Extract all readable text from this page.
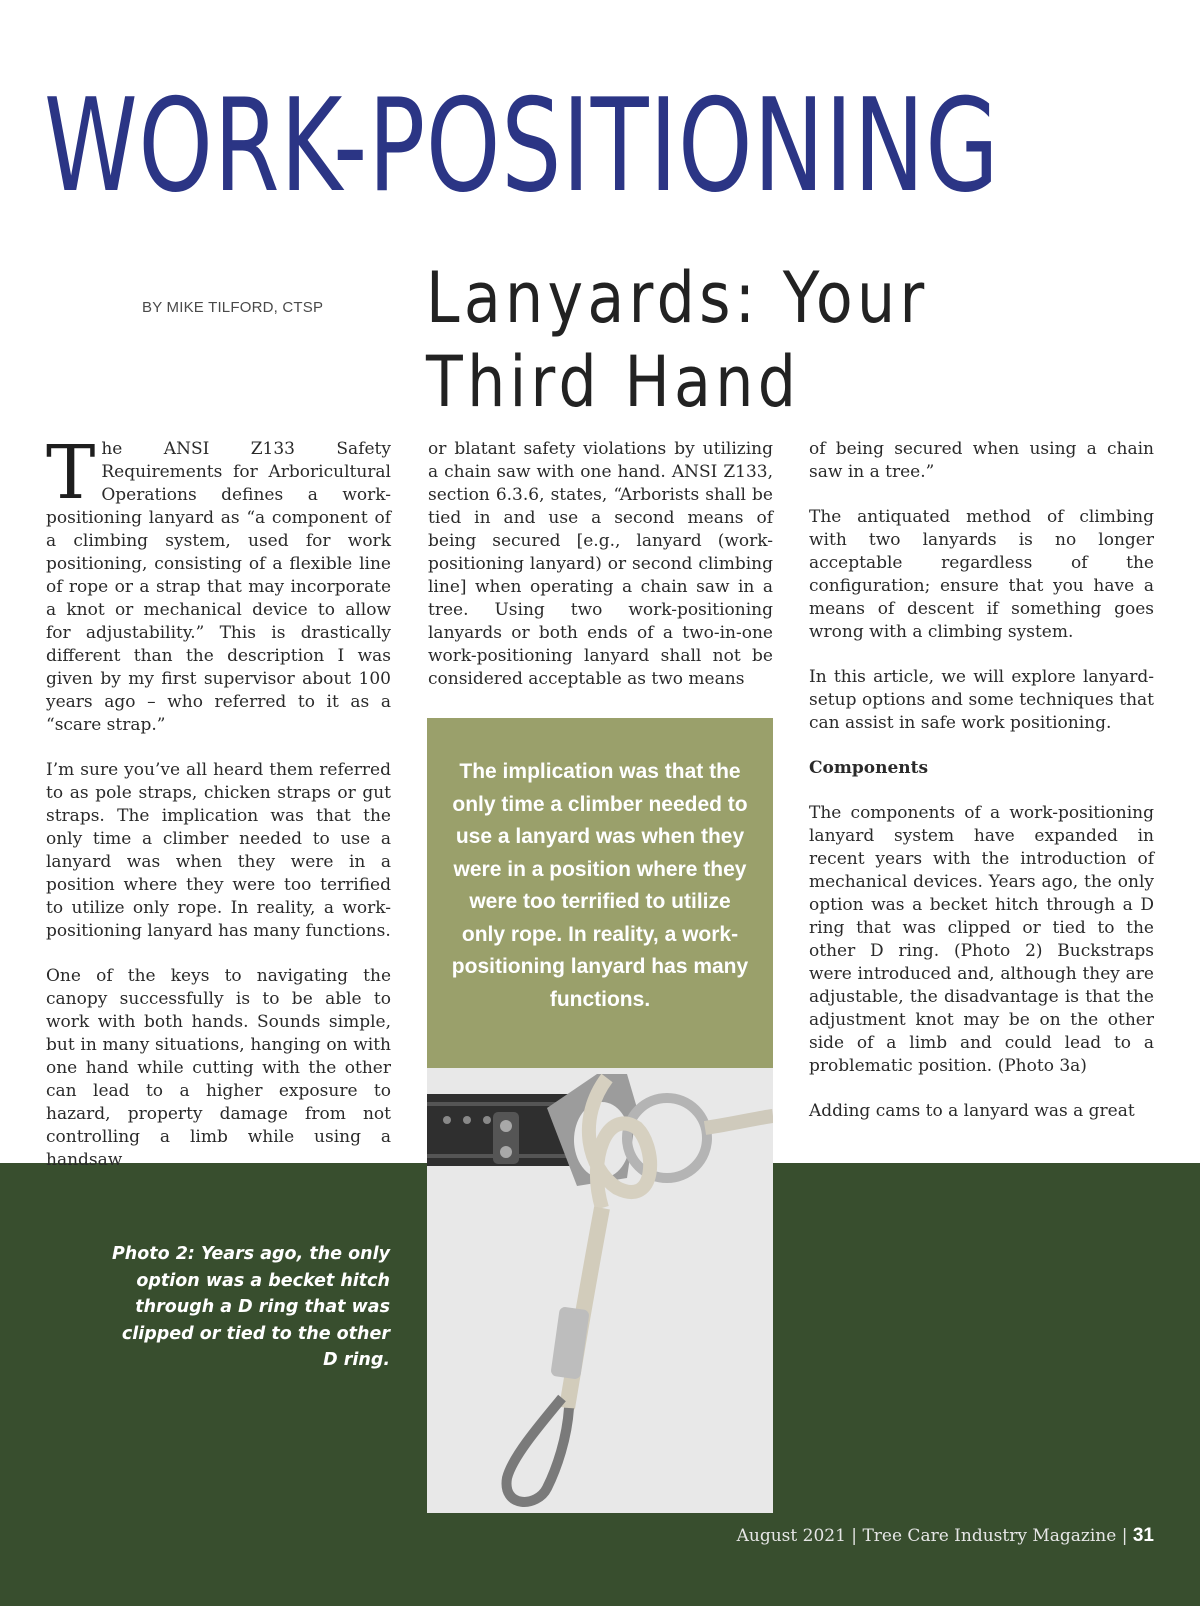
WORK-POSITIONING
BY MIKE TILFORD, CTSP Lanyards: Your
Third Hand

The ANSI Z133 Safety Requirements for Arboricultural Operations defines a work-positioning lanyard as “a component of a climbing system, used for work positioning, consisting of a flexible line of rope or a strap that may incorporate a knot or mechanical device to allow for adjustability.” This is drastically different than the description I was given by my first supervisor about 100 years ago – who referred to it as a “scare strap.”

I’m sure you’ve all heard them referred to as pole straps, chicken straps or gut straps. The implication was that the only time a climber needed to use a lanyard was when they were in a position where they were too terrified to utilize only rope. In reality, a work-positioning lanyard has many functions.

One of the keys to navigating the canopy successfully is to be able to work with both hands. Sounds simple, but in many situations, hanging on with one hand while cutting with the other can lead to a higher exposure to hazard, property damage from not controlling a limb while using a handsaw

or blatant safety violations by utilizing a chain saw with one hand. ANSI Z133, section 6.3.6, states, “Arborists shall be tied in and use a second means of being secured [e.g., lanyard (work-positioning lanyard) or second climbing line] when operating a chain saw in a tree. Using two work-positioning lanyards or both ends of a two-in-one work-positioning lanyard shall not be considered acceptable as two means

of being secured when using a chain saw in a tree.”

The antiquated method of climbing with two lanyards is no longer acceptable regardless of the configuration; ensure that you have a means of descent if something goes wrong with a climbing system.

In this article, we will explore lanyard-setup options and some techniques that can assist in safe work positioning.

Components

The components of a work-positioning lanyard system have expanded in recent years with the introduction of mechanical devices. Years ago, the only option was a becket hitch through a D ring that was clipped or tied to the other D ring. (Photo 2) Buckstraps were introduced and, although they are adjustable, the disadvantage is that the adjustment knot may be on the other side of a limb and could lead to a problematic position. (Photo 3a)

Adding cams to a lanyard was a great

The implication was that the only time a climber needed to use a lanyard was when they were in a position where they were too terrified to utilize only rope. In reality, a work-positioning lanyard has many functions.
Photo 2: Years ago, the only option was a becket hitch through a D ring that was clipped or tied to the other D ring.
August 2021 | Tree Care Industry Magazine | 31
